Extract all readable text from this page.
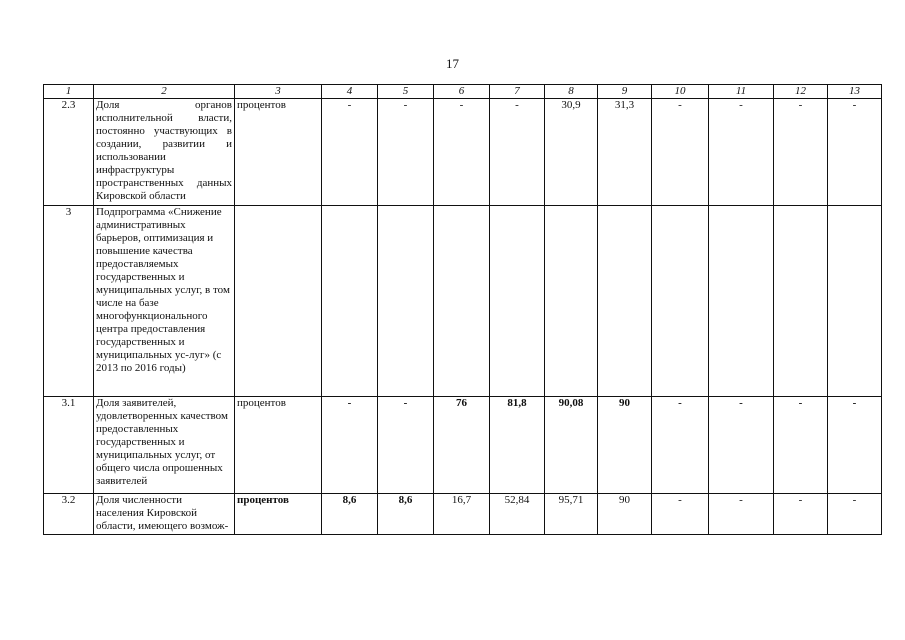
17
1	2	3	4	5	6	7	8	9	10	11	12	13
2.3	Доля органов исполнительной власти, постоянно участвующих в создании, развитии и использовании инфраструктуры пространственных данных Кировской области	процентов	-	-	-	-	30,9	31,3	-	-	-	-
3	Подпрограмма «Снижение административных барьеров, оптимизация и повышение качества предоставляемых государственных и муниципальных услуг, в том числе на базе многофункционального центра предоставления государственных и муниципальных ус-луг» (с 2013 по 2016 годы)											
3.1	Доля заявителей, удовлетворенных качеством предоставленных государственных и муниципальных услуг, от общего числа опрошенных заявителей	процентов	-	-	76	81,8	90,08	90	-	-	-	-
3.2	Доля численности населения Кировской области, имеющего возмож-	процентов	8,6	8,6	16,7	52,84	95,71	90	-	-	-	-
